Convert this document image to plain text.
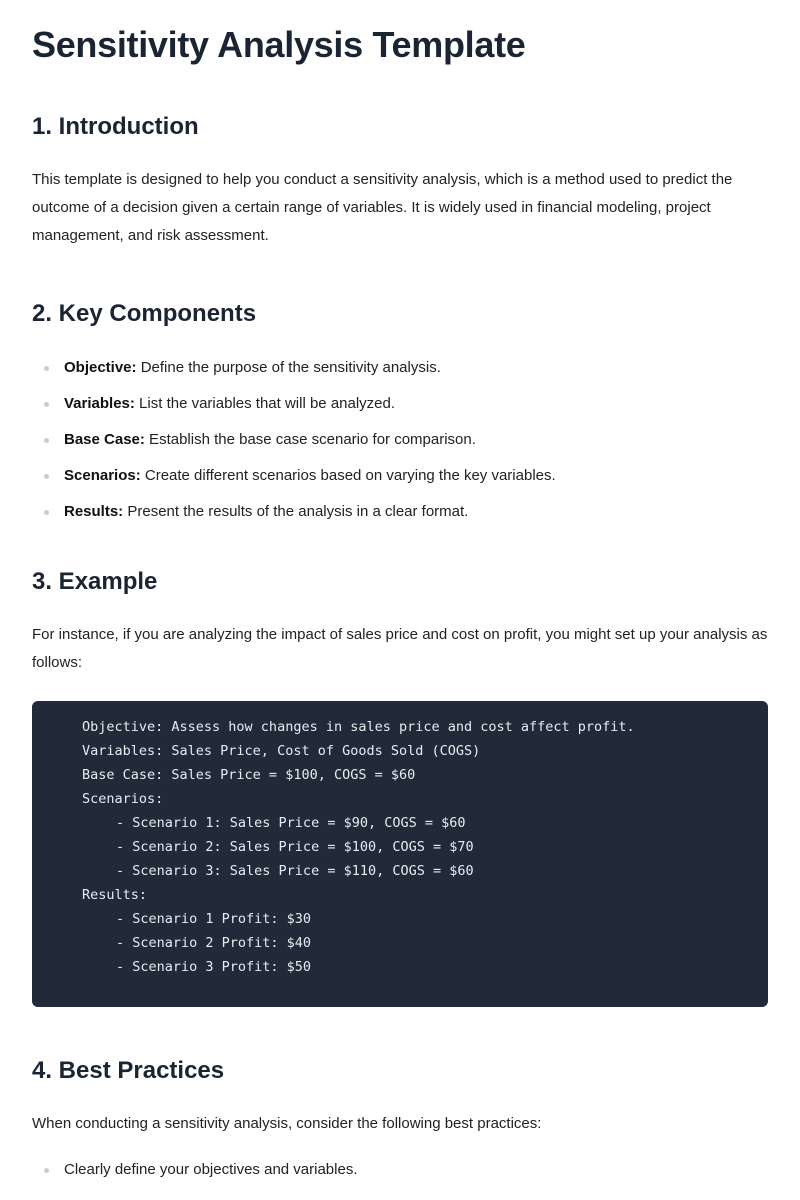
Sensitivity Analysis Template
1. Introduction

This template is designed to help you conduct a sensitivity analysis, which is a method used to predict the outcome of a decision given a certain range of variables. It is widely used in financial modeling, project management, and risk assessment.

2. Key Components
Objective: Define the purpose of the sensitivity analysis.
Variables: List the variables that will be analyzed.
Base Case: Establish the base case scenario for comparison.
Scenarios: Create different scenarios based on varying the key variables.
Results: Present the results of the analysis in a clear format.
3. Example

For instance, if you are analyzing the impact of sales price and cost on profit, you might set up your analysis as follows:

Objective: Assess how changes in sales price and cost affect profit.
Variables: Sales Price, Cost of Goods Sold (COGS)
Base Case: Sales Price = $100, COGS = $60
Scenarios:
- Scenario 1: Sales Price = $90, COGS = $60
- Scenario 2: Sales Price = $100, COGS = $70
- Scenario 3: Sales Price = $110, COGS = $60
Results:
- Scenario 1 Profit: $30
- Scenario 2 Profit: $40
- Scenario 3 Profit: $50
4. Best Practices

When conducting a sensitivity analysis, consider the following best practices:

Clearly define your objectives and variables.
